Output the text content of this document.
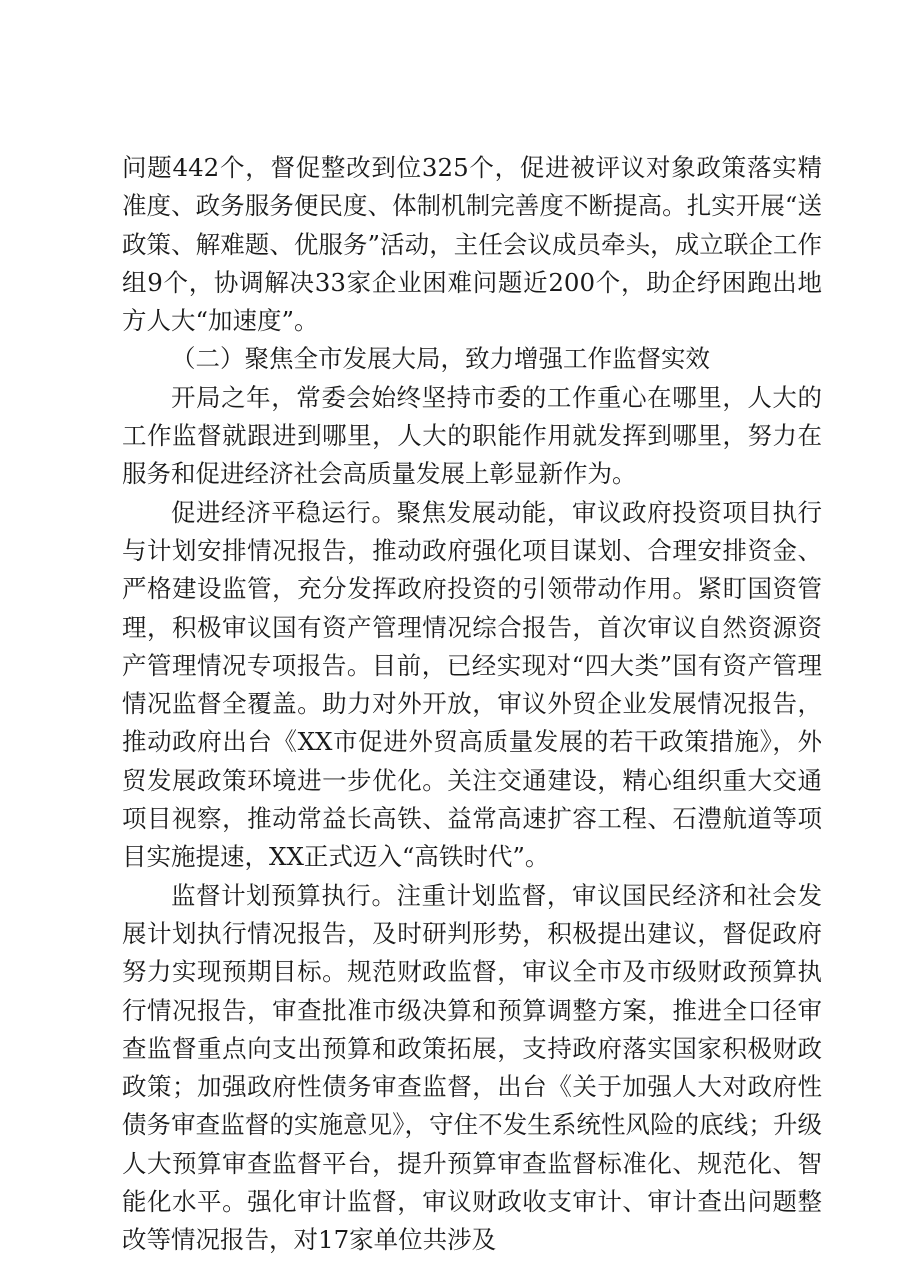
问题442个，督促整改到位325个，促进被评议对象政策落实精准度、政务服务便民度、体制机制完善度不断提高。扎实开展“送政策、解难题、优服务”活动，主任会议成员牵头，成立联企工作组9个，协调解决33家企业困难问题近200个，助企纾困跑出地方人大“加速度”。

（二）聚焦全市发展大局，致力增强工作监督实效

开局之年，常委会始终坚持市委的工作重心在哪里，人大的工作监督就跟进到哪里，人大的职能作用就发挥到哪里，努力在服务和促进经济社会高质量发展上彰显新作为。

促进经济平稳运行。聚焦发展动能，审议政府投资项目执行与计划安排情况报告，推动政府强化项目谋划、合理安排资金、严格建设监管，充分发挥政府投资的引领带动作用。紧盯国资管理，积极审议国有资产管理情况综合报告，首次审议自然资源资产管理情况专项报告。目前，已经实现对“四大类”国有资产管理情况监督全覆盖。助力对外开放，审议外贸企业发展情况报告，推动政府出台《XX市促进外贸高质量发展的若干政策措施》，外贸发展政策环境进一步优化。关注交通建设，精心组织重大交通项目视察，推动常益长高铁、益常高速扩容工程、石澧航道等项目实施提速，XX正式迈入“高铁时代”。

监督计划预算执行。注重计划监督，审议国民经济和社会发展计划执行情况报告，及时研判形势，积极提出建议，督促政府努力实现预期目标。规范财政监督，审议全市及市级财政预算执行情况报告，审查批准市级决算和预算调整方案，推进全口径审查监督重点向支出预算和政策拓展，支持政府落实国家积极财政政策；加强政府性债务审查监督，出台《关于加强人大对政府性债务审查监督的实施意见》，守住不发生系统性风险的底线；升级人大预算审查监督平台，提升预算审查监督标准化、规范化、智能化水平。强化审计监督，审议财政收支审计、审计查出问题整改等情况报告，对17家单位共涉及
